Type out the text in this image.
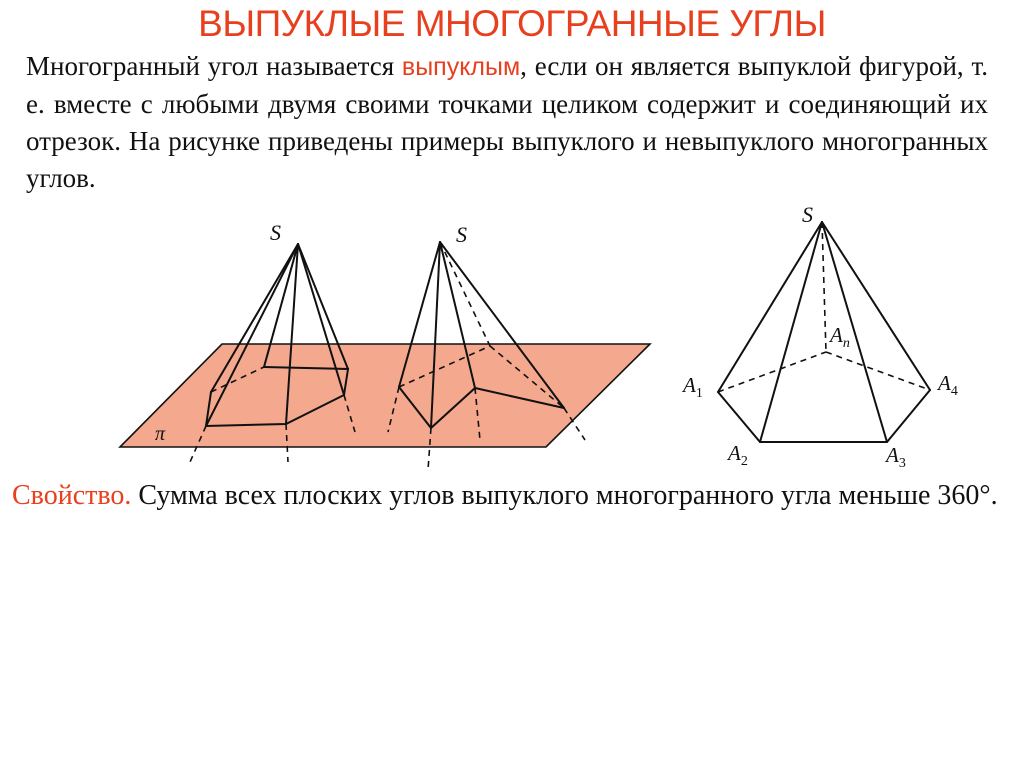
ВЫПУКЛЫЕ МНОГОГРАННЫЕ УГЛЫ
Многогранный угол называется выпуклым, если он является выпуклой фигурой, т. е. вместе с любыми двумя своими точками целиком содержит и соединяющий их отрезок. На рисунке приведены примеры выпуклого и невыпуклого многогранных углов.
S	S
π
S
$A_1$
$A_2$	$A_3$
$A_4$
$A_n$
Свойство. Сумма всех плоских углов выпуклого многогранного угла меньше 360°.
